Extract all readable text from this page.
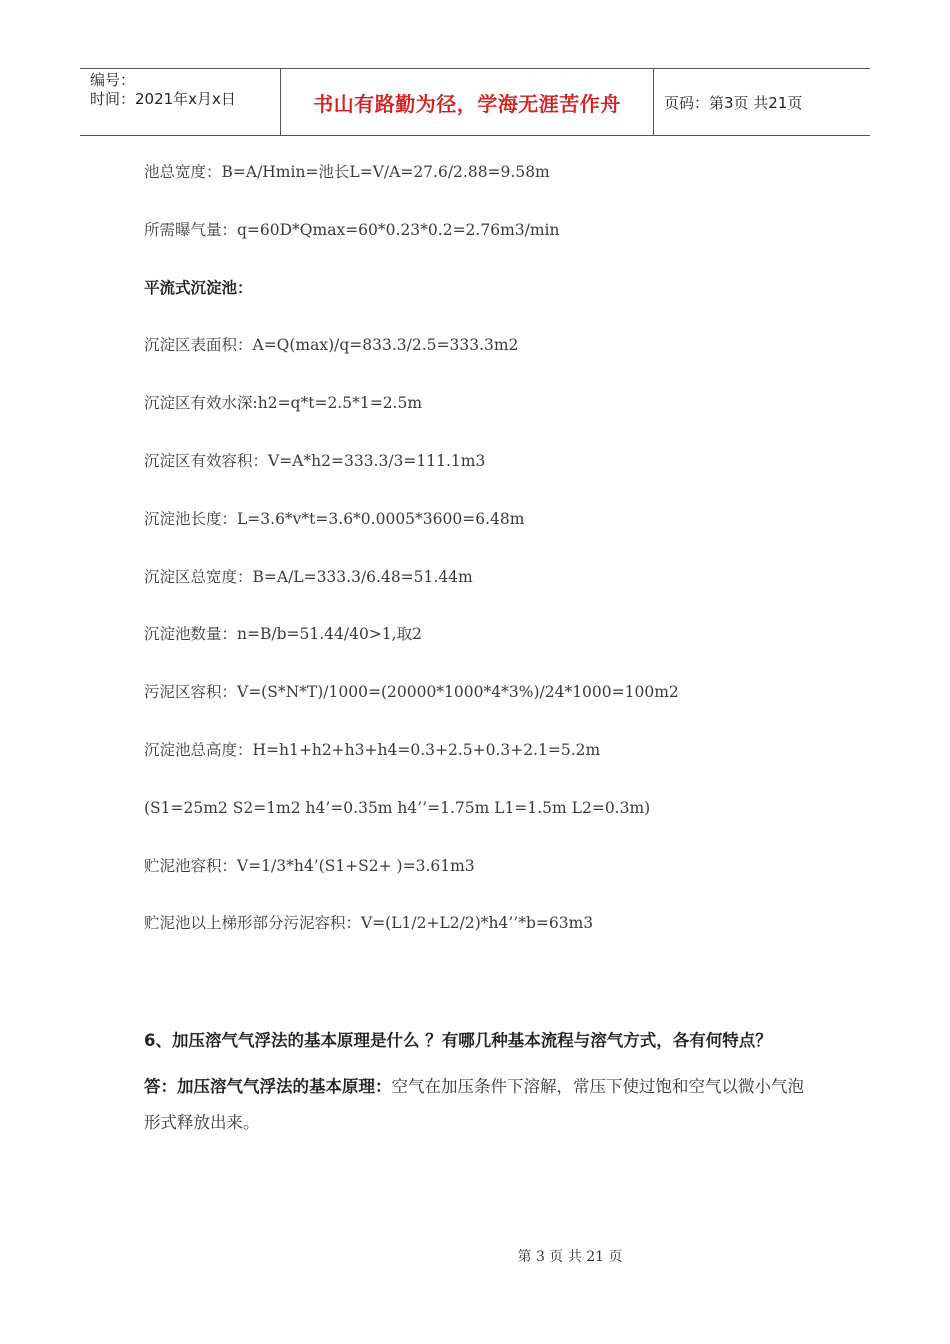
编号：
时间：2021年x月x日	书山有路勤为径，学海无涯苦作舟	页码：第3页 共21页
池总宽度：B=A/Hmin=池长L=V/A=27.6/2.88=9.58m
所需曝气量：q=60D*Qmax=60*0.23*0.2=2.76m3/min
平流式沉淀池：
沉淀区表面积：A=Q(max)/q=833.3/2.5=333.3m2
沉淀区有效水深:h2=q*t=2.5*1=2.5m
沉淀区有效容积：V=A*h2=333.3/3=111.1m3
沉淀池长度：L=3.6*v*t=3.6*0.0005*3600=6.48m
沉淀区总宽度：B=A/L=333.3/6.48=51.44m
沉淀池数量：n=B/b=51.44/40>1,取2
污泥区容积：V=(S*N*T)/1000=(20000*1000*4*3%)/24*1000=100m2
沉淀池总高度：H=h1+h2+h3+h4=0.3+2.5+0.3+2.1=5.2m
(S1=25m2 S2=1m2 h4’=0.35m h4’’=1.75m L1=1.5m L2=0.3m)
贮泥池容积：V=1/3*h4’(S1+S2+ )=3.61m3
贮泥池以上梯形部分污泥容积：V=(L1/2+L2/2)*h4’’*b=63m3
6、加压溶气气浮法的基本原理是什么 ？有哪几种基本流程与溶气方式，各有何特点？
答：加压溶气气浮法的基本原理：空气在加压条件下溶解，常压下使过饱和空气以微小气泡形式释放出来。
第 3 页 共 21 页
